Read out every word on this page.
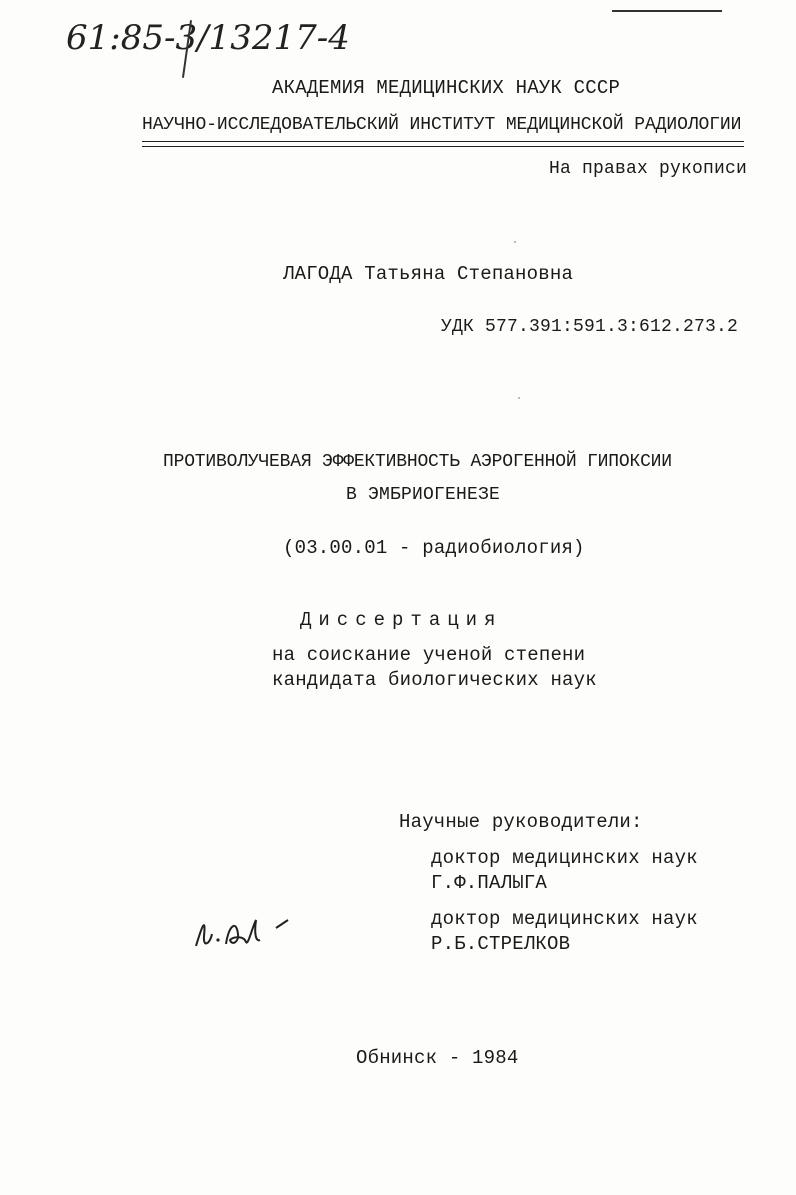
61:85-3/13217-4
АКАДЕМИЯ МЕДИЦИНСКИХ НАУК СССР
НАУЧНО-ИССЛЕДОВАТЕЛЬСКИЙ ИНСТИТУТ МЕДИЦИНСКОЙ РАДИОЛОГИИ
На правах рукописи
ЛАГОДА Татьяна Степановна
УДК 577.391:591.3:612.273.2
ПРОТИВОЛУЧЕВАЯ ЭФФЕКТИВНОСТЬ АЭРОГЕННОЙ ГИПОКСИИ
В ЭМБРИОГЕНЕЗЕ
(03.00.01 - радиобиология)
Диссертация
на соискание ученой степени
кандидата биологических наук
Научные руководители:
доктор медицинских наук
Г.Ф.ПАЛЫГА
доктор медицинских наук
Р.Б.СТРЕЛКОВ
Обнинск - 1984
